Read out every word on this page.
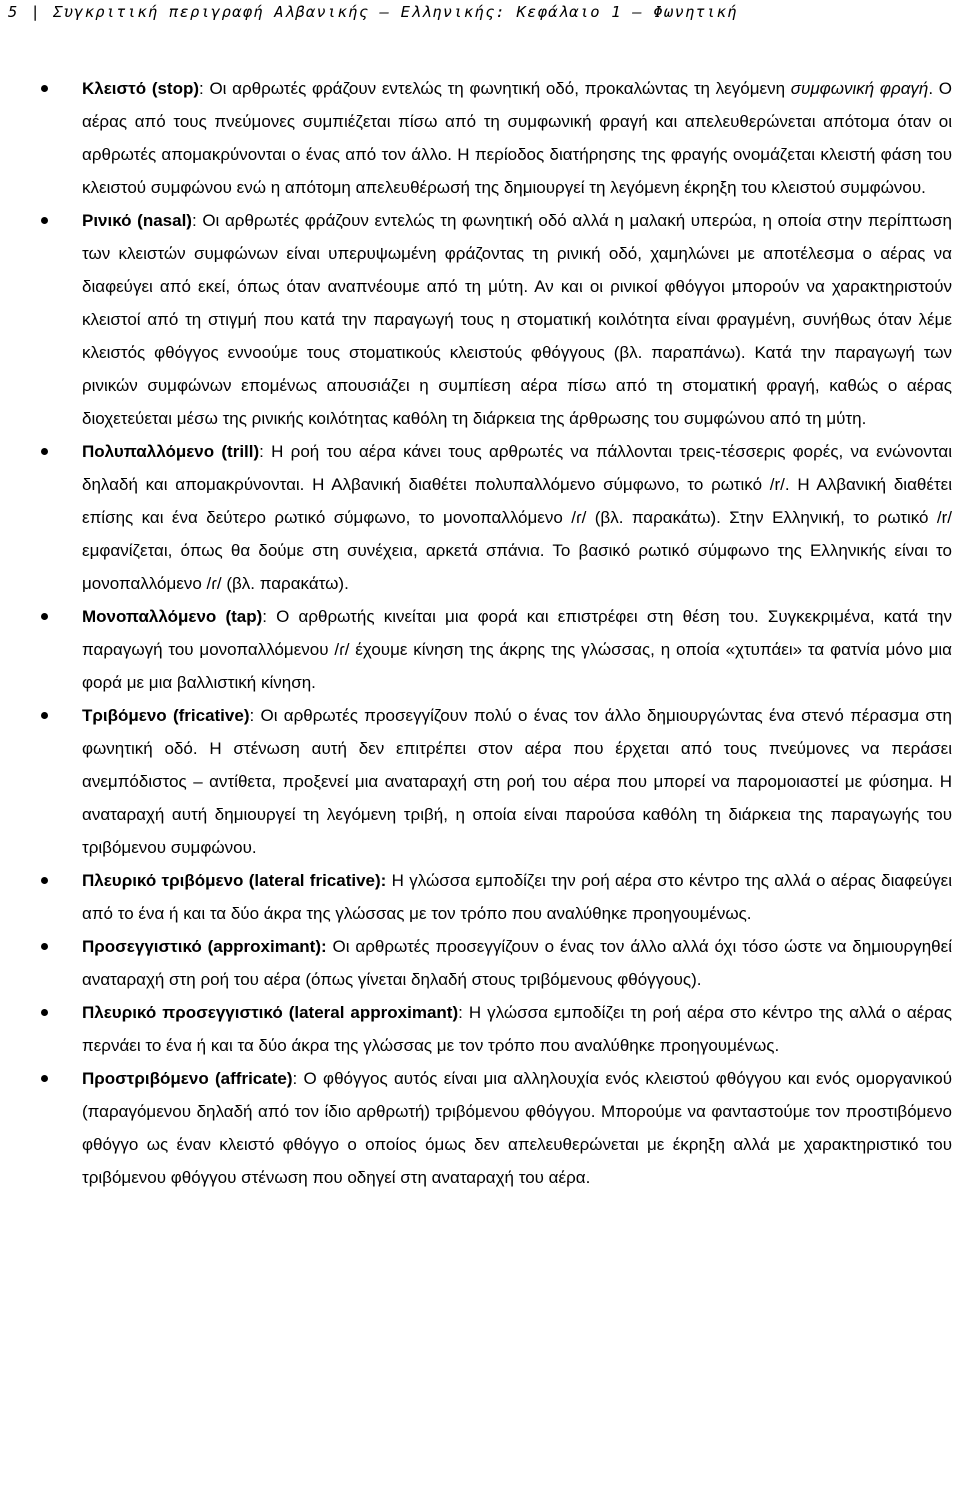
5 | Συγκριτική περιγραφή Αλβανικής – Ελληνικής: Κεφάλαιο 1 – Φωνητική

Κλειστό (stop): Οι αρθρωτές φράζουν εντελώς τη φωνητική οδό, προκαλώντας τη λεγόμενη συμφωνική φραγή. Ο αέρας από τους πνεύμονες συμπιέζεται πίσω από τη συμφωνική φραγή και απελευθερώνεται απότομα όταν οι αρθρωτές απομακρύνονται ο ένας από τον άλλο. Η περίοδος διατήρησης της φραγής ονομάζεται κλειστή φάση του κλειστού συμφώνου ενώ η απότομη απελευθέρωσή της δημιουργεί τη λεγόμενη έκρηξη του κλειστού συμφώνου.

Ρινικό (nasal): Οι αρθρωτές φράζουν εντελώς τη φωνητική οδό αλλά η μαλακή υπερώα, η οποία στην περίπτωση των κλειστών συμφώνων είναι υπερυψωμένη φράζοντας τη ρινική οδό, χαμηλώνει με αποτέλεσμα ο αέρας να διαφεύγει από εκεί, όπως όταν αναπνέουμε από τη μύτη. Αν και οι ρινικοί φθόγγοι μπορούν να χαρακτηριστούν κλειστοί από τη στιγμή που κατά την παραγωγή τους η στοματική κοιλότητα είναι φραγμένη, συνήθως όταν λέμε κλειστός φθόγγος εννοούμε τους στοματικούς κλειστούς φθόγγους (βλ. παραπάνω). Κατά την παραγωγή των ρινικών συμφώνων επομένως απουσιάζει η συμπίεση αέρα πίσω από τη στοματική φραγή, καθώς ο αέρας διοχετεύεται μέσω της ρινικής κοιλότητας καθόλη τη διάρκεια της άρθρωσης του συμφώνου από τη μύτη.

Πολυπαλλόμενο (trill): Η ροή του αέρα κάνει τους αρθρωτές να πάλλονται τρεις-τέσσερις φορές, να ενώνονται δηλαδή και απομακρύνονται. Η Αλβανική διαθέτει πολυπαλλόμενο σύμφωνο, το ρωτικό /r/. Η Αλβανική διαθέτει επίσης και ένα δεύτερο ρωτικό σύμφωνο, το μονοπαλλόμενο /ɾ/ (βλ. παρακάτω). Στην Ελληνική, το ρωτικό /r/ εμφανίζεται, όπως θα δούμε στη συνέχεια, αρκετά σπάνια. Το βασικό ρωτικό σύμφωνο της Ελληνικής είναι το μονοπαλλόμενο /ɾ/ (βλ. παρακάτω).

Μονοπαλλόμενο (tap): Ο αρθρωτής κινείται μια φορά και επιστρέφει στη θέση του. Συγκεκριμένα, κατά την παραγωγή του μονοπαλλόμενου /ɾ/ έχουμε κίνηση της άκρης της γλώσσας, η οποία «χτυπάει» τα φατνία μόνο μια φορά με μια βαλλιστική κίνηση.

Τριβόμενο (fricative): Οι αρθρωτές προσεγγίζουν πολύ ο ένας τον άλλο δημιουργώντας ένα στενό πέρασμα στη φωνητική οδό. Η στένωση αυτή δεν επιτρέπει στον αέρα που έρχεται από τους πνεύμονες να περάσει ανεμπόδιστος – αντίθετα, προξενεί μια αναταραχή στη ροή του αέρα που μπορεί να παρομοιαστεί με φύσημα. Η αναταραχή αυτή δημιουργεί τη λεγόμενη τριβή, η οποία είναι παρούσα καθόλη τη διάρκεια της παραγωγής του τριβόμενου συμφώνου.

Πλευρικό τριβόμενο (lateral fricative): Η γλώσσα εμποδίζει την ροή αέρα στο κέντρο της αλλά ο αέρας διαφεύγει από το ένα ή και τα δύο άκρα της γλώσσας με τον τρόπο που αναλύθηκε προηγουμένως.

Προσεγγιστικό (approximant): Οι αρθρωτές προσεγγίζουν ο ένας τον άλλο αλλά όχι τόσο ώστε να δημιουργηθεί αναταραχή στη ροή του αέρα (όπως γίνεται δηλαδή στους τριβόμενους φθόγγους).

Πλευρικό προσεγγιστικό (lateral approximant): Η γλώσσα εμποδίζει τη ροή αέρα στο κέντρο της αλλά ο αέρας περνάει το ένα ή και τα δύο άκρα της γλώσσας με τον τρόπο που αναλύθηκε προηγουμένως.

Προστριβόμενο (affricate): Ο φθόγγος αυτός είναι μια αλληλουχία ενός κλειστού φθόγγου και ενός ομοργανικού (παραγόμενου δηλαδή από τον ίδιο αρθρωτή) τριβόμενου φθόγγου. Μπορούμε να φανταστούμε τον προστιβόμενο φθόγγο ως έναν κλειστό φθόγγο ο οποίος όμως δεν απελευθερώνεται με έκρηξη αλλά με χαρακτηριστικό του τριβόμενου φθόγγου στένωση που οδηγεί στη αναταραχή του αέρα.
